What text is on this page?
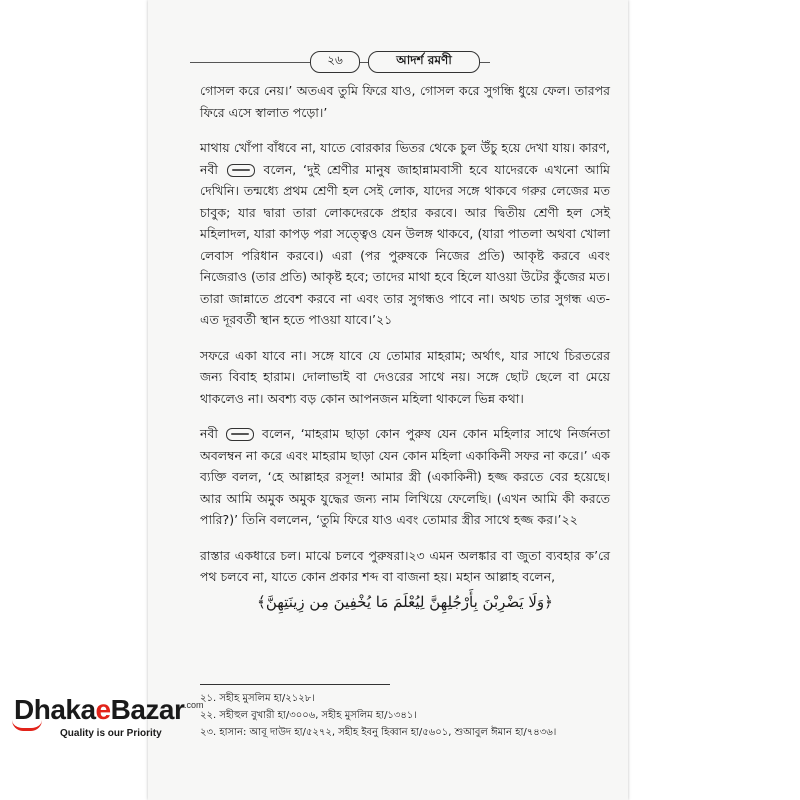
২৬	আদর্শ রমণী

গোসল করে নেয়।’ অতএব তুমি ফিরে যাও, গোসল করে সুগন্ধি ধুয়ে ফেল। তারপর ফিরে এসে স্বালাত পড়ো।’

মাথায় খোঁপা বাঁধবে না, যাতে বোরকার ভিতর থেকে চুল উঁচু হয়ে দেখা যায়। কারণ, নবী	বলেন, ‘দুই শ্রেণীর মানুষ জাহান্নামবাসী হবে যাদেরকে এখনো আমি দেখিনি। তন্মধ্যে প্রথম শ্রেণী হল সেই লোক, যাদের সঙ্গে থাকবে গরুর লেজের মত চাবুক; যার দ্বারা তারা লোকদেরকে প্রহার করবে। আর দ্বিতীয় শ্রেণী হল সেই মহিলাদল, যারা কাপড় পরা সত্ত্বেও যেন উলঙ্গ থাকবে, (যারা পাতলা অথবা খোলা লেবাস পরিধান করবে।) এরা (পর পুরুষকে নিজের প্রতি) আকৃষ্ট করবে এবং নিজেরাও (তার প্রতি) আকৃষ্ট হবে; তাদের মাথা হবে হিলে যাওয়া উটের কুঁজের মত। তারা জান্নাতে প্রবেশ করবে না এবং তার সুগন্ধও পাবে না। অথচ তার সুগন্ধ এত-এত দূরবর্তী স্থান হতে পাওয়া যাবে।’২১

সফরে একা যাবে না। সঙ্গে যাবে যে তোমার মাহরাম; অর্থাৎ, যার সাথে চিরতরের জন্য বিবাহ হারাম। দোলাভাই বা দেওরের সাথে নয়। সঙ্গে ছোট ছেলে বা মেয়ে থাকলেও না। অবশ্য বড় কোন আপনজন মহিলা থাকলে ভিন্ন কথা।

নবী	বলেন, ‘মাহরাম ছাড়া কোন পুরুষ যেন কোন মহিলার সাথে নির্জনতা অবলম্বন না করে এবং মাহরাম ছাড়া যেন কোন মহিলা একাকিনী সফর না করে।’ এক ব্যক্তি বলল, ‘হে আল্লাহর রসূল! আমার স্ত্রী (একাকিনী) হজ্জ করতে বের হয়েছে। আর আমি অমুক অমুক যুদ্ধের জন্য নাম লিখিয়ে ফেলেছি। (এখন আমি কী করতে পারি?)’ তিনি বললেন, ‘তুমি ফিরে যাও এবং তোমার স্ত্রীর সাথে হজ্জ কর।’২২

রাস্তার একধারে চল। মাঝে চলবে পুরুষরা।২৩ এমন অলঙ্কার বা জুতা ব্যবহার ক’রে পথ চলবে না, যাতে কোন প্রকার শব্দ বা বাজনা হয়। মহান আল্লাহ বলেন,

﴿وَلَا يَضْرِبْنَ بِأَرْجُلِهِنَّ لِيُعْلَمَ مَا يُخْفِينَ مِن زِينَتِهِنَّ﴾

২১. সহীহ মুসলিম হা/২১২৮।
২২. সহীহুল বুখারী হা/৩০০৬, সহীহ মুসলিম হা/১৩৪১।
২৩. হাসান: আবূ দাউদ হা/৫২৭২, সহীহ ইবনু হিব্বান হা/৫৬০১, শুআবুল ঈমান হা/৭৪৩৬।
DhakaeBazar .com
Quality is our Priority
